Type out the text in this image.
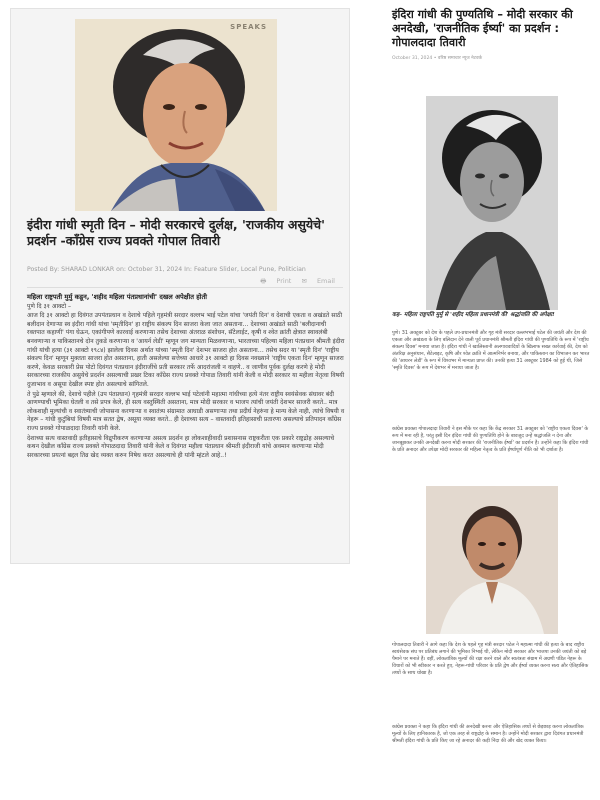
SPEAKS
इंदीरा गांधी स्मृती दिन – मोदी सरकारचे दुर्लक्ष, 'राजकीय असुयेचे' प्रदर्शन -कॉंग्रेस राज्य प्रवक्ते गोपाल तिवारी
Posted By: SHARAD LONKAR on: October 31, 2024 In: Feature Slider, Local Pune, Politician
🖶 Print ✉ Email

महिला राष्ट्रपती मुर्मु कडून, 'शहीद महिला पंतप्रधानांची' दखल अपेक्षीत होती

पुणे दि ३१ आक्टो –

आज दि ३१ आक्टो हा दिवंगत उपपंतप्रधान व देशाचे पहिले गृहमंत्री सरदार वल्लभ भाई पटेल यांचा 'जयंती दिन' व देशाची एकता व अखंडते साठी बलीदान देणाऱ्या स्व इंदीरा गांधी यांचा 'स्मृतीदिन' हा राष्ट्रीय संकल्प दिन साजरा केला जात असताना… देशाच्या अखंडते साठी 'बलीदानाची रक्तपात कहाणी' पंगा घेऊन, एकांगीपणे कारवाई करणाऱ्या तसेच देशाच्या अंतराळ संशोधन, सॅटेलाईट, कृषी व श्वेत क्रांती क्षेत्रात स्वावलंबी बनवणाऱ्या व पाकिस्तानचे दोन तुकडे करणाऱ्या व 'आयर्न लेडी' म्हणून जग मान्यता मिळवणाऱ्या, भारताच्या पहिल्या महिला पंतप्रधान श्रीमती इंदीरा गांधी यांची हत्या (३१ आक्टो १९८४) झालेला दिवस अर्थात यांच्या 'स्मृती दिन' देशभर साजरा होत असताना… तसेच सदर या 'स्मृती दिन' 'राष्ट्रीय संकल्प दिन' म्हणून मुक्तता साजरा होत असताना, हाती असलेल्या सत्तेच्या आधारे ३१ आक्टो हा दिवस नवख्याने 'राष्ट्रीय एकता दिन' म्हणून साजरा करणे, केवळ सरकारी प्रेस पोटो दिवंगत पंतप्रधान इंदीराजींचे प्रती सरकार तर्फे आदरांजली न वाहणे.. व जाणीव पूर्वक दुर्लक्ष करणे हे मोदी सरकारच्या राजकीय असुयेचे प्रदर्शन असल्याची प्रखर टिका कॉंग्रेस राज्य प्रवक्ते गोपाळ तिवारी यांनी केली व मोदी सरकार या महीला नेतृत्वा विषयी दुजाभाव व असूया देखील स्पष्ट होत असल्याचे सांगितले.

ते पुढे म्हणाले की, देशाचे पहीले (उप पंतप्रधान) गृहमंत्री सरदार वल्लभ भाई पटेलांनी महात्मा गांधीच्या हत्ये नंतर राष्ट्रीय स्वयंसेवक संघावर बंदी आणण्याची भूमिका घेतली व तसे प्रपत्र केले, ही सत्य वस्तुस्थिती असताना, मात्र मोदी सरकार व भाजप त्यांची जयंती देशभर साजरी करते.. मात्र लोकशाही मुल्यांची व स्वातंत्र्याची जोपासना करणाऱ्या व स्वातंत्र्य संग्रामात आघाडी असणाऱ्या तथा प्रदीर्घ नेहरुंना हे मान्य केले नाही, त्यांचे विषयी व नेहरू – गांधी कुटुंबियां विषयी मात्र सतत द्वेष, असूया व्यक्त करते.. ही देशाच्या सत्य – वास्तवादी इतिहासाची प्रतारणा असल्याचे प्रतिपादन कॉंग्रेस राज्य प्रवक्ते गोपाळदादा तिवारी यांनी केले.

देशाच्या सत्य वास्तवादी इतीहासाचे विद्रुपीकरण करणाऱ्या असत्य प्रदर्शन हा लोकशाहीवादी प्रशासनास राष्ट्रकरीता एक प्रकारे राष्ट्रद्रोह असल्याचे कथन देखील कॉंग्रेस राज्य प्रवक्ते गोपाळदादा तिवारी यांनी केले व दिवंगत महीला पंतप्रधान श्रीमती इंदीराजी यांचे अवमान करणाऱ्या मोदी सरकारच्या प्रयत्नां बद्दल तिव्र खेद व्यक्त करुन निषेध करत असल्याचे ही यांनी म्हंटले आहे..!

इंदिरा गांधी की पुण्यतिथि – मोदी सरकार की अनदेखी, 'राजनीतिक ईर्ष्या' का प्रदर्शन : गोपालदादा तिवारी
October 31, 2024 • वरिष्ठ समाचार न्यूज नेटवर्क
कह– महिला राष्ट्रपति मुर्मु से 'शहीद महिला प्रधानमंत्री की' श्रद्धांजलि की अपेक्षा!
पुणे। 31 अक्टूबर को देश के पहले उप-प्रधानमंत्री और गृह मंत्री सरदार वल्लभभाई पटेल की जयंती और देश की एकता और अखंडता के लिए बलिदान देने वाली पूर्व प्रधानमंत्री श्रीमती इंदिरा गांधी की पुण्यतिथि के रूप में 'राष्ट्रीय संकल्प दिवस' मनाया जाता है। इंदिरा गांधी ने खालिस्तानी अलगाववादियों के खिलाफ सख्त कार्रवाई की, देश को अंतरिक्ष अनुसंधान, सैटेलाइट, कृषि और श्वेत क्रांति में आत्मनिर्भर बनाया, और पाकिस्तान का विभाजन कर भारत की 'आयरन लेडी' के रूप में विश्वभर में मान्यता प्राप्त की। उनकी हत्या 31 अक्टूबर 1984 को हुई थी, जिसे 'स्मृति दिवस' के रूप में देशभर में मनाया जाता है।
कांग्रेस प्रवक्ता गोपालदादा तिवारी ने इस मौके पर कहा कि केंद्र सरकार 31 अक्टूबर को 'राष्ट्रीय एकता दिवस' के रूप में मना रही है, परंतु इसी दिन इंदिरा गांधी की पुण्यतिथि होने के बावजूद उन्हें श्रद्धांजलि न देना और जानबूझकर उनकी अनदेखी करना मोदी सरकार की 'राजनीतिक ईर्ष्या' का प्रदर्शन है। उन्होंने कहा कि इंदिरा गांधी के प्रति अनादर और उपेक्षा मोदी सरकार की महिला नेतृत्व के प्रति ईर्ष्यापूर्ण नीति को भी दर्शाता है।
गोपालदादा तिवारी ने आगे कहा कि देश के पहले गृह मंत्री सरदार पटेल ने महात्मा गांधी की हत्या के बाद राष्ट्रीय स्वयंसेवक संघ पर प्रतिबंध लगाने की भूमिका निभाई थी, लेकिन मोदी सरकार और भाजपा उनकी जयंती को बड़े पैमाने पर मनाते हैं। वहीं, लोकतांत्रिक मूल्यों की रक्षा करने वाले और स्वतंत्रता संग्राम में अग्रणी पंडित नेहरू के विचारों को भी स्वीकार न करते हुए, नेहरू-गांधी परिवार के प्रति द्वेष और ईर्ष्या व्यक्त करना सत्य और ऐतिहासिक तथ्यों के साथ धोखा है।
कांग्रेस प्रवक्ता ने कहा कि इंदिरा गांधी की अनदेखी करना और ऐतिहासिक तथ्यों से छेड़छाड़ करना लोकतांत्रिक मूल्यों के लिए हानिकारक है, जो एक तरह से राष्ट्रद्रोह के समान है। उन्होंने मोदी सरकार द्वारा दिवंगत प्रधानमंत्री श्रीमती इंदिरा गांधी के प्रति किए जा रहे अनादर की कड़ी निंदा की और खेद व्यक्त किया।
